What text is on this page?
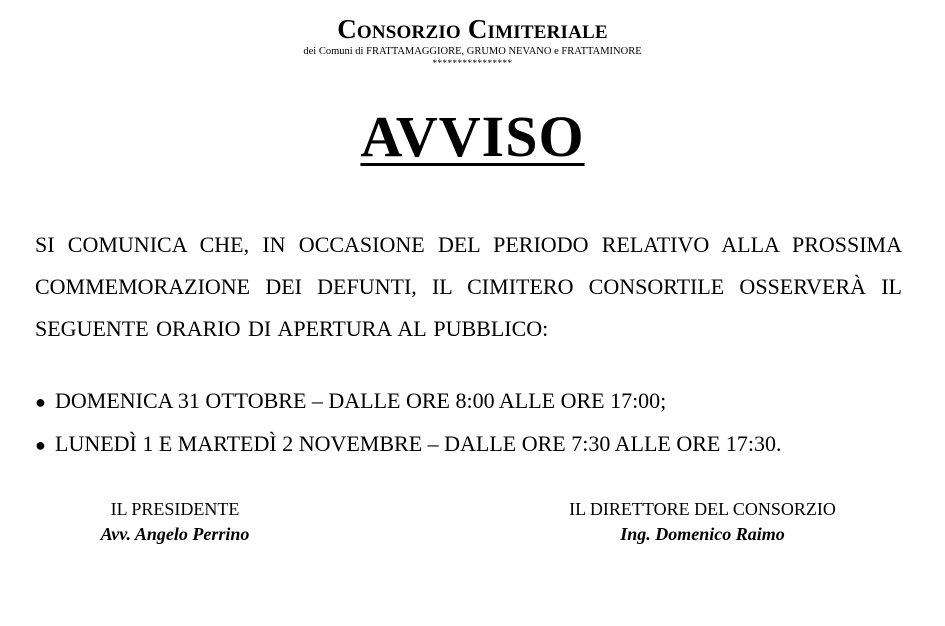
Consorzio Cimiteriale
dei Comuni di FRATTAMAGGIORE, GRUMO NEVANO e FRATTAMINORE
****************
AVVISO
SI COMUNICA CHE, IN OCCASIONE DEL PERIODO RELATIVO ALLA PROSSIMA COMMEMORAZIONE DEI DEFUNTI, IL CIMITERO CONSORTILE OSSERVERÀ IL SEGUENTE ORARIO DI APERTURA AL PUBBLICO:
● DOMENICA 31 OTTOBRE – DALLE ORE 8:00 ALLE ORE 17:00;
● LUNEDÌ 1 E MARTEDÌ 2 NOVEMBRE – DALLE ORE 7:30 ALLE ORE 17:30.
IL PRESIDENTE
Avv. Angelo Perrino
IL DIRETTORE DEL CONSORZIO
Ing. Domenico Raimo
